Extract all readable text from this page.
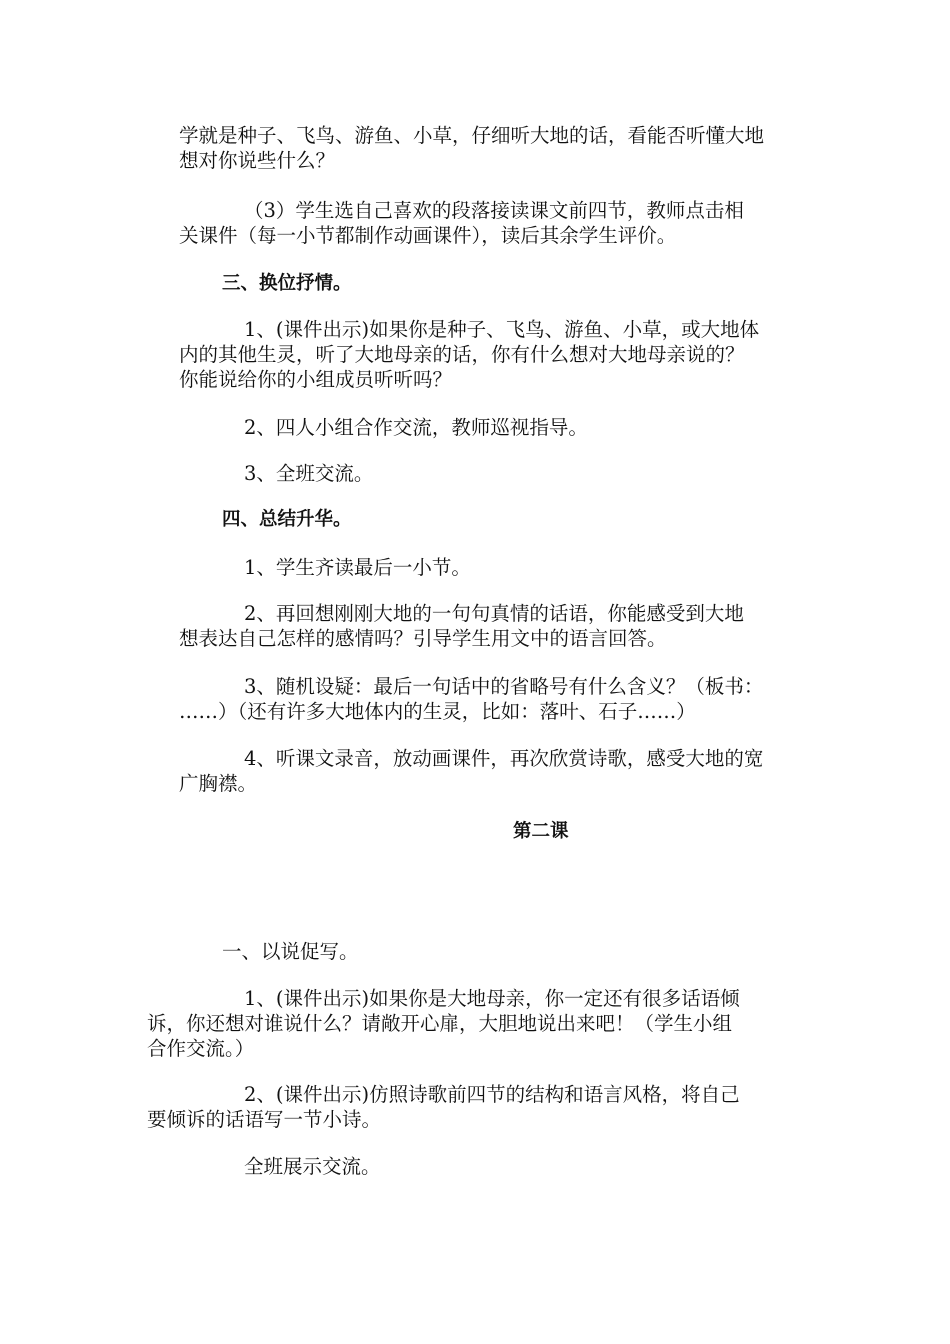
学就是种子、飞鸟、游鱼、小草，仔细听大地的话，看能否听懂大地
想对你说些什么？
（3）学生选自己喜欢的段落接读课文前四节，教师点击相
关课件（每一小节都制作动画课件），读后其余学生评价。
三、换位抒情。
1、(课件出示)如果你是种子、飞鸟、游鱼、小草，或大地体
内的其他生灵，听了大地母亲的话，你有什么想对大地母亲说的？
你能说给你的小组成员听听吗？
2、四人小组合作交流，教师巡视指导。
3、全班交流。
四、总结升华。
1、学生齐读最后一小节。
2、再回想刚刚大地的一句句真情的话语，你能感受到大地
想表达自己怎样的感情吗？引导学生用文中的语言回答。
3、随机设疑：最后一句话中的省略号有什么含义？（板书：
……）（还有许多大地体内的生灵，比如：落叶、石子……）
4、听课文录音，放动画课件，再次欣赏诗歌，感受大地的宽
广胸襟。
第二课
一、以说促写。
1、(课件出示)如果你是大地母亲，你一定还有很多话语倾
诉，你还想对谁说什么？请敞开心扉，大胆地说出来吧！（学生小组
合作交流。）
2、(课件出示)仿照诗歌前四节的结构和语言风格，将自己
要倾诉的话语写一节小诗。
全班展示交流。
